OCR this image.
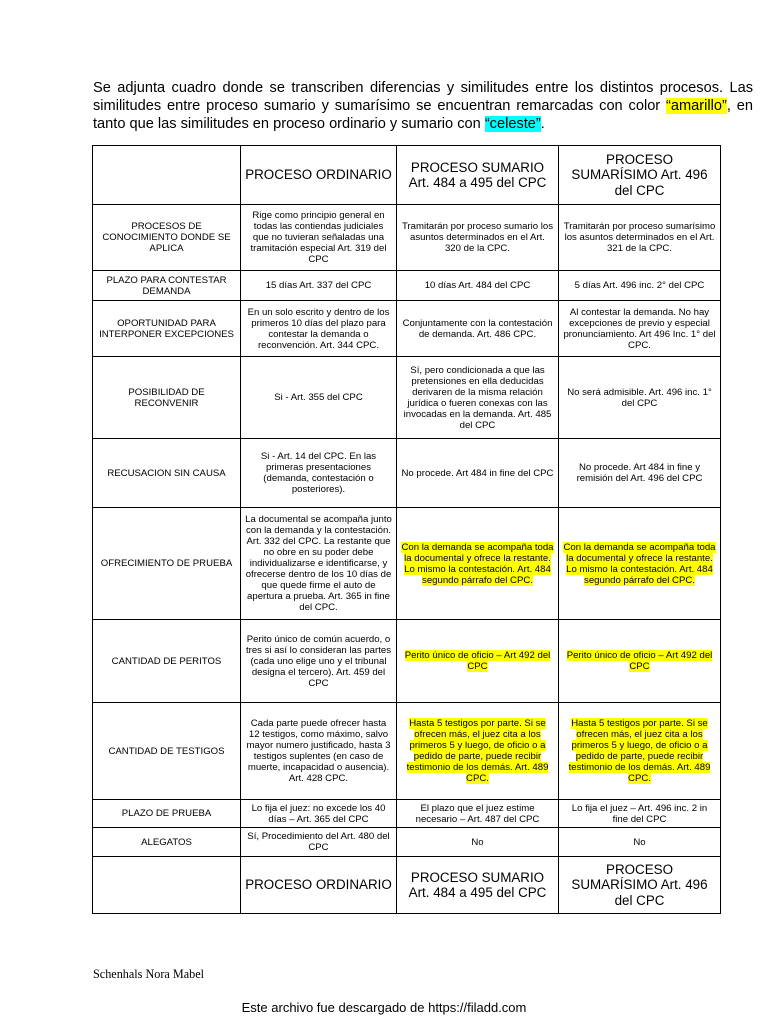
Se adjunta cuadro donde se transcriben diferencias y similitudes entre los distintos procesos. Las similitudes entre proceso sumario y sumarísimo se encuentran remarcadas con color “amarillo”, en tanto que las similitudes en proceso ordinario y sumario con “celeste”.
	PROCESO ORDINARIO	PROCESO SUMARIO Art. 484 a 495 del CPC	PROCESO SUMARÍSIMO Art. 496 del CPC
PROCESOS DE CONOCIMIENTO DONDE SE APLICA	Rige como principio general en todas las contiendas judiciales que no tuvieran señaladas una tramitación especial Art. 319 del CPC	Tramitarán por proceso sumario los asuntos determinados en el Art. 320 de la CPC.	Tramitarán por proceso sumarísimo los asuntos determinados en el Art. 321 de la CPC.
PLAZO PARA CONTESTAR DEMANDA	15 días Art. 337 del CPC	10 días Art. 484 del CPC	5 días Art. 496 inc. 2° del CPC
OPORTUNIDAD PARA INTERPONER EXCEPCIONES	En un solo escrito y dentro de los primeros 10 días del plazo para contestar la demanda o reconvención. Art. 344 CPC.	Conjuntamente con la contestación de demanda. Art. 486 CPC.	Al contestar la demanda. No hay excepciones de previo y especial pronunciamiento. Art 496 Inc. 1° del CPC.
POSIBILIDAD DE RECONVENIR	Si - Art. 355 del CPC	Sí, pero condicionada a que las pretensiones en ella deducidas derivaren de la misma relación jurídica o fueren conexas con las invocadas en la demanda. Art. 485 del CPC	No será admisible. Art. 496 inc. 1° del CPC
RECUSACION SIN CAUSA	Si - Art. 14 del CPC. En las primeras presentaciones (demanda, contestación o posteriores).	No procede. Art 484 in fine del CPC	No procede. Art 484 in fine y remisión del Art. 496 del CPC
OFRECIMIENTO DE PRUEBA	La documental se acompaña junto con la demanda y la contestación. Art. 332 del CPC. La restante que no obre en su poder debe individualizarse e identificarse, y ofrecerse dentro de los 10 días de que quede firme el auto de apertura a prueba. Art. 365 in fine del CPC.	Con la demanda se acompaña toda la documental y ofrece la restante. Lo mismo la contestación. Art. 484 segundo párrafo del CPC.	Con la demanda se acompaña toda la documental y ofrece la restante. Lo mismo la contestación. Art. 484 segundo párrafo del CPC.
CANTIDAD DE PERITOS	Perito único de común acuerdo, o tres si así lo consideran las partes (cada uno elige uno y el tribunal designa el tercero). Art. 459 del CPC	Perito único de oficio – Art 492 del CPC	Perito único de oficio – Art 492 del CPC
CANTIDAD DE TESTIGOS	Cada parte puede ofrecer hasta 12 testigos, como máximo, salvo mayor numero justificado, hasta 3 testigos suplentes (en caso de muerte, incapacidad o ausencia). Art. 428 CPC.	Hasta 5 testigos por parte. Si se ofrecen más, el juez cita a los primeros 5 y luego, de oficio o a pedido de parte, puede recibir testimonio de los demás. Art. 489 CPC.	Hasta 5 testigos por parte. Si se ofrecen más, el juez cita a los primeros 5 y luego, de oficio o a pedido de parte, puede recibir testimonio de los demás. Art. 489 CPC.
PLAZO DE PRUEBA	Lo fija el juez: no excede los 40 días – Art. 365 del CPC	El plazo que el juez estime necesario – Art. 487 del CPC	Lo fija el juez – Art. 496 inc. 2 in fine del CPC
ALEGATOS	Sí, Procedimiento del Art. 480 del CPC	No	No
	PROCESO ORDINARIO	PROCESO SUMARIO Art. 484 a 495 del CPC	PROCESO SUMARÍSIMO Art. 496 del CPC
Schenhals Nora Mabel
Este archivo fue descargado de https://filadd.com
